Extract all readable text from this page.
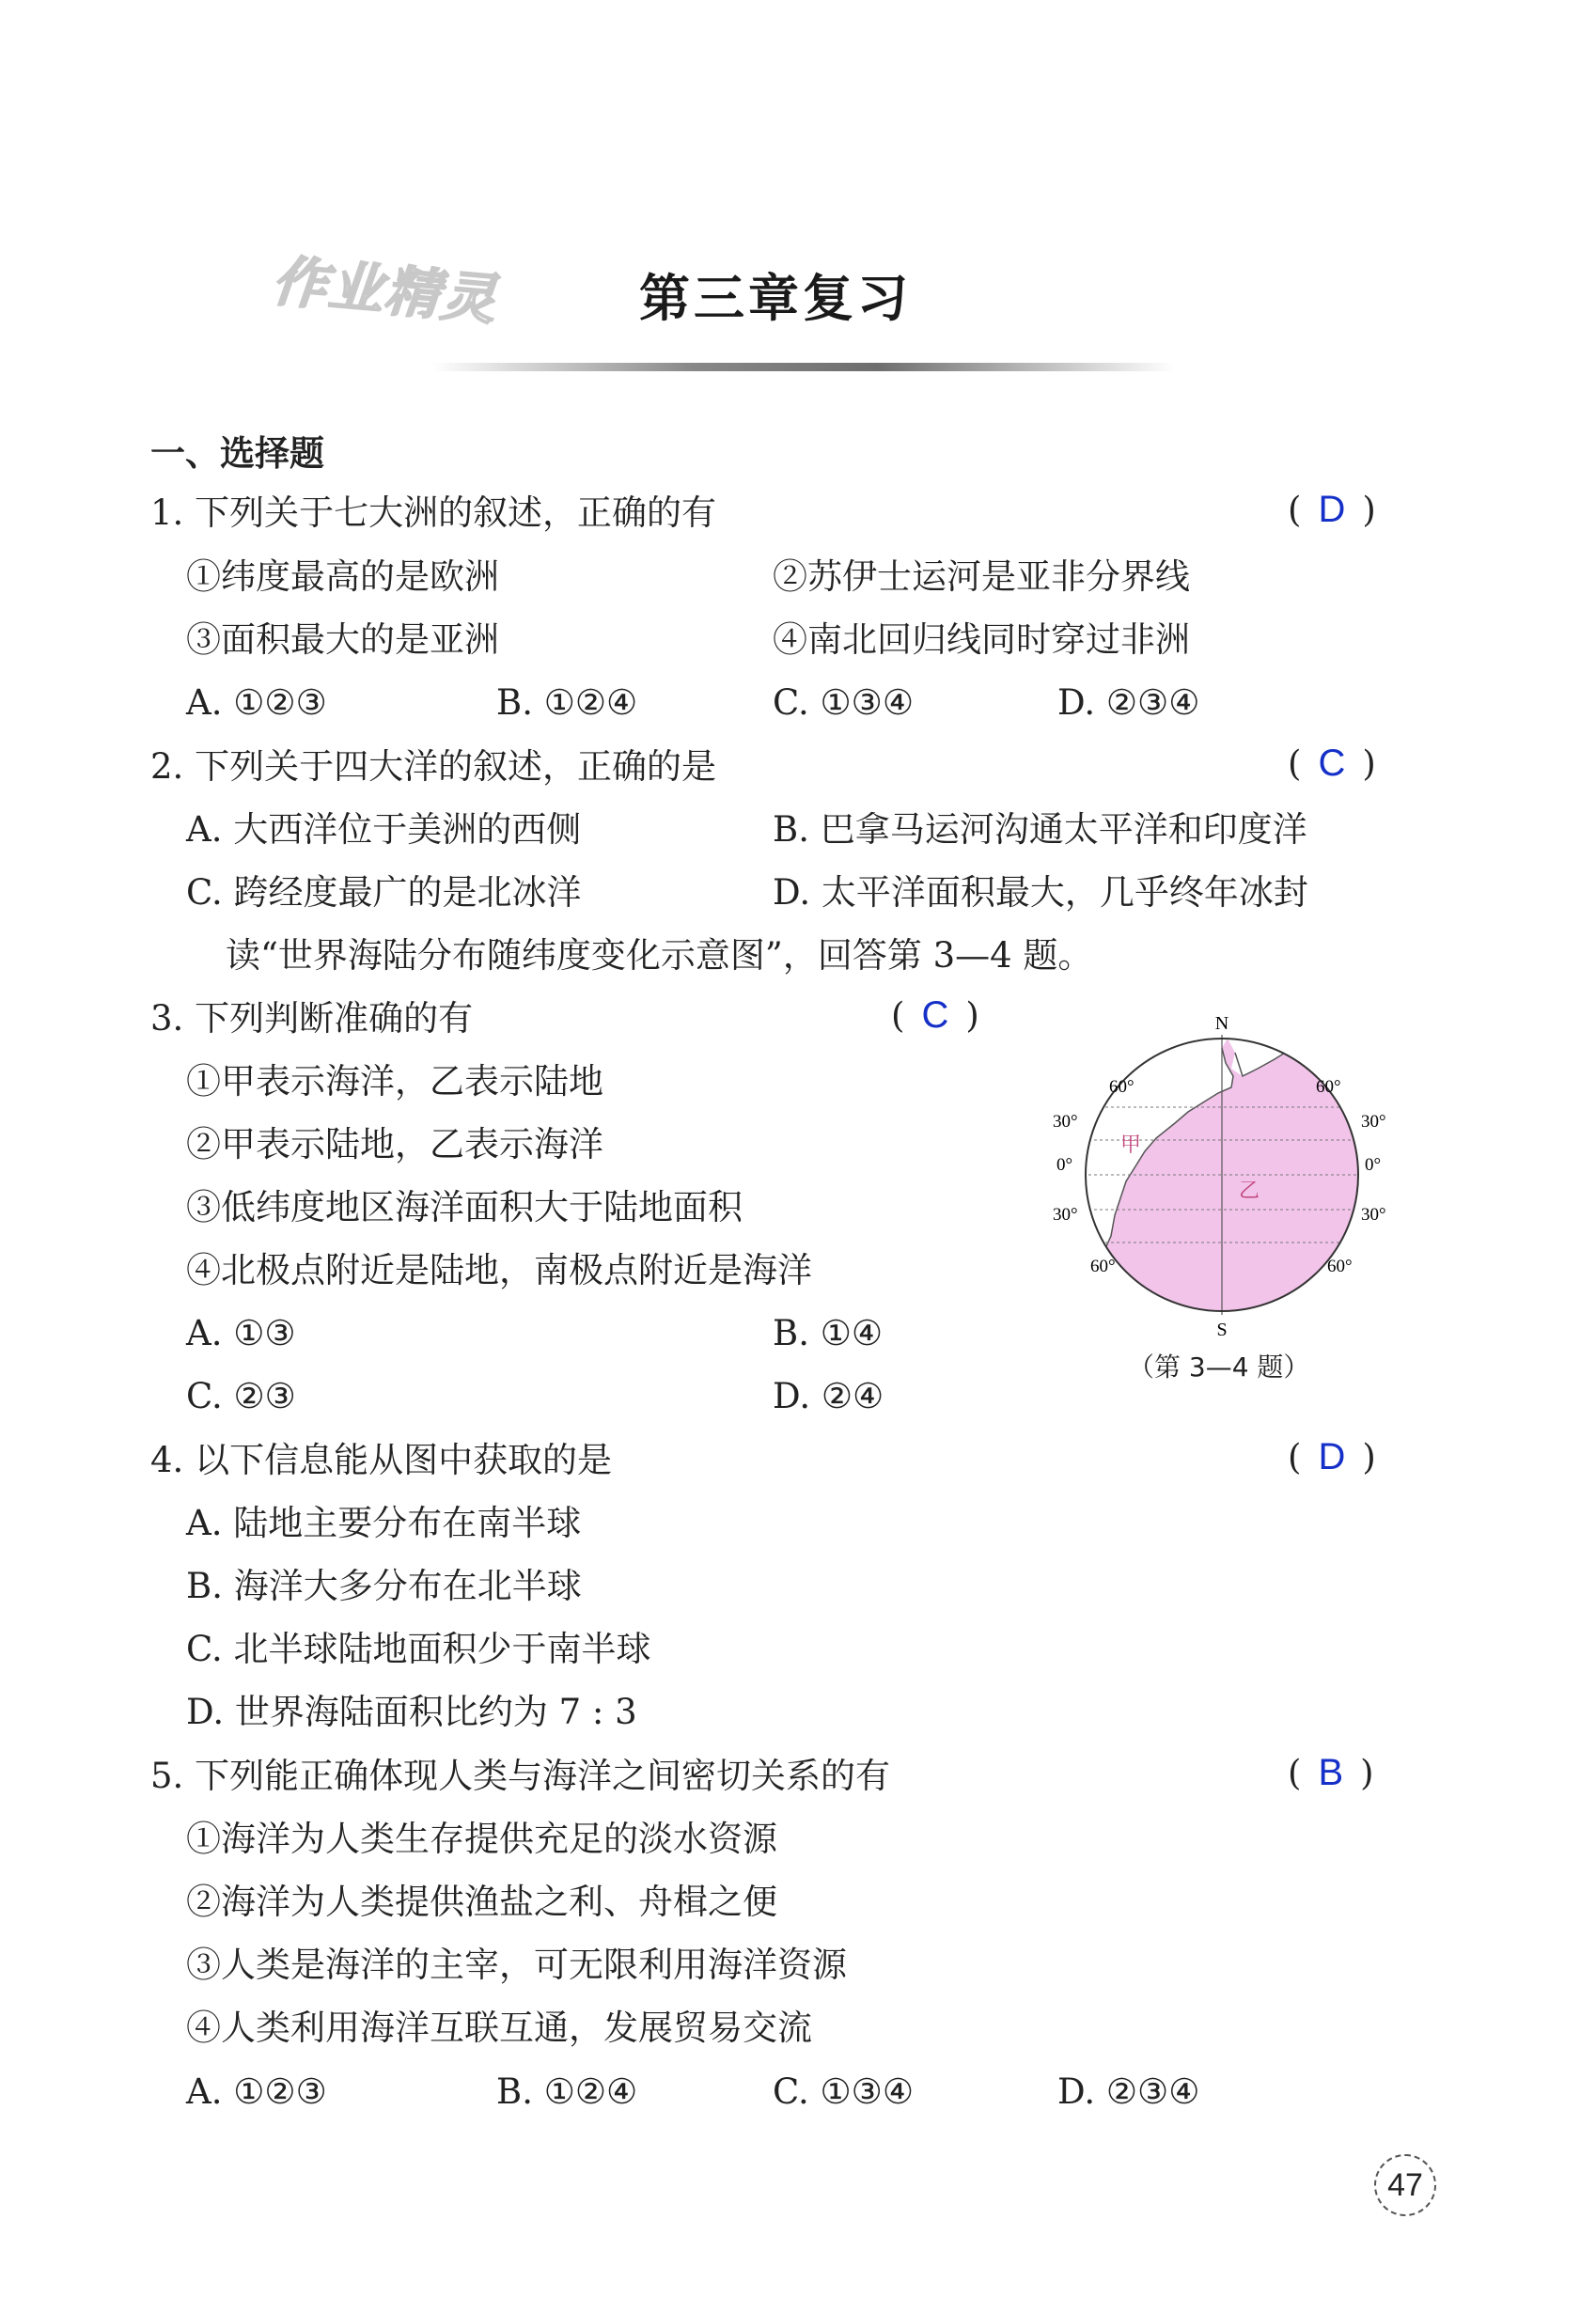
作业精灵	第三章复习
一、选择题
1. 下列关于七大洲的叙述，正确的有	( D )
①纬度最高的是欧洲	②苏伊士运河是亚非分界线
③面积最大的是亚洲	④南北回归线同时穿过非洲
A. ①②③	B. ①②④	C. ①③④	D. ②③④
2. 下列关于四大洋的叙述，正确的是	( C )
A. 大西洋位于美洲的西侧	B. 巴拿马运河沟通太平洋和印度洋
C. 跨经度最广的是北冰洋	D. 太平洋面积最大，几乎终年冰封
读“世界海陆分布随纬度变化示意图”，回答第 3—4 题。
3. 下列判断准确的有	( C )
①甲表示海洋，乙表示陆地
②甲表示陆地，乙表示海洋
③低纬度地区海洋面积大于陆地面积
④北极点附近是陆地，南极点附近是海洋
A. ①③	B. ①④
C. ②③	D. ②④
N
S
60°	60°
30°	30°
0°	0°
30°	30°
60°	60°
甲
乙
（第 3—4 题）
4. 以下信息能从图中获取的是	( D )
A. 陆地主要分布在南半球
B. 海洋大多分布在北半球
C. 北半球陆地面积少于南半球
D. 世界海陆面积比约为 7 : 3
5. 下列能正确体现人类与海洋之间密切关系的有	( B )
①海洋为人类生存提供充足的淡水资源
②海洋为人类提供渔盐之利、舟楫之便
③人类是海洋的主宰，可无限利用海洋资源
④人类利用海洋互联互通，发展贸易交流
A. ①②③	B. ①②④	C. ①③④	D. ②③④
47
